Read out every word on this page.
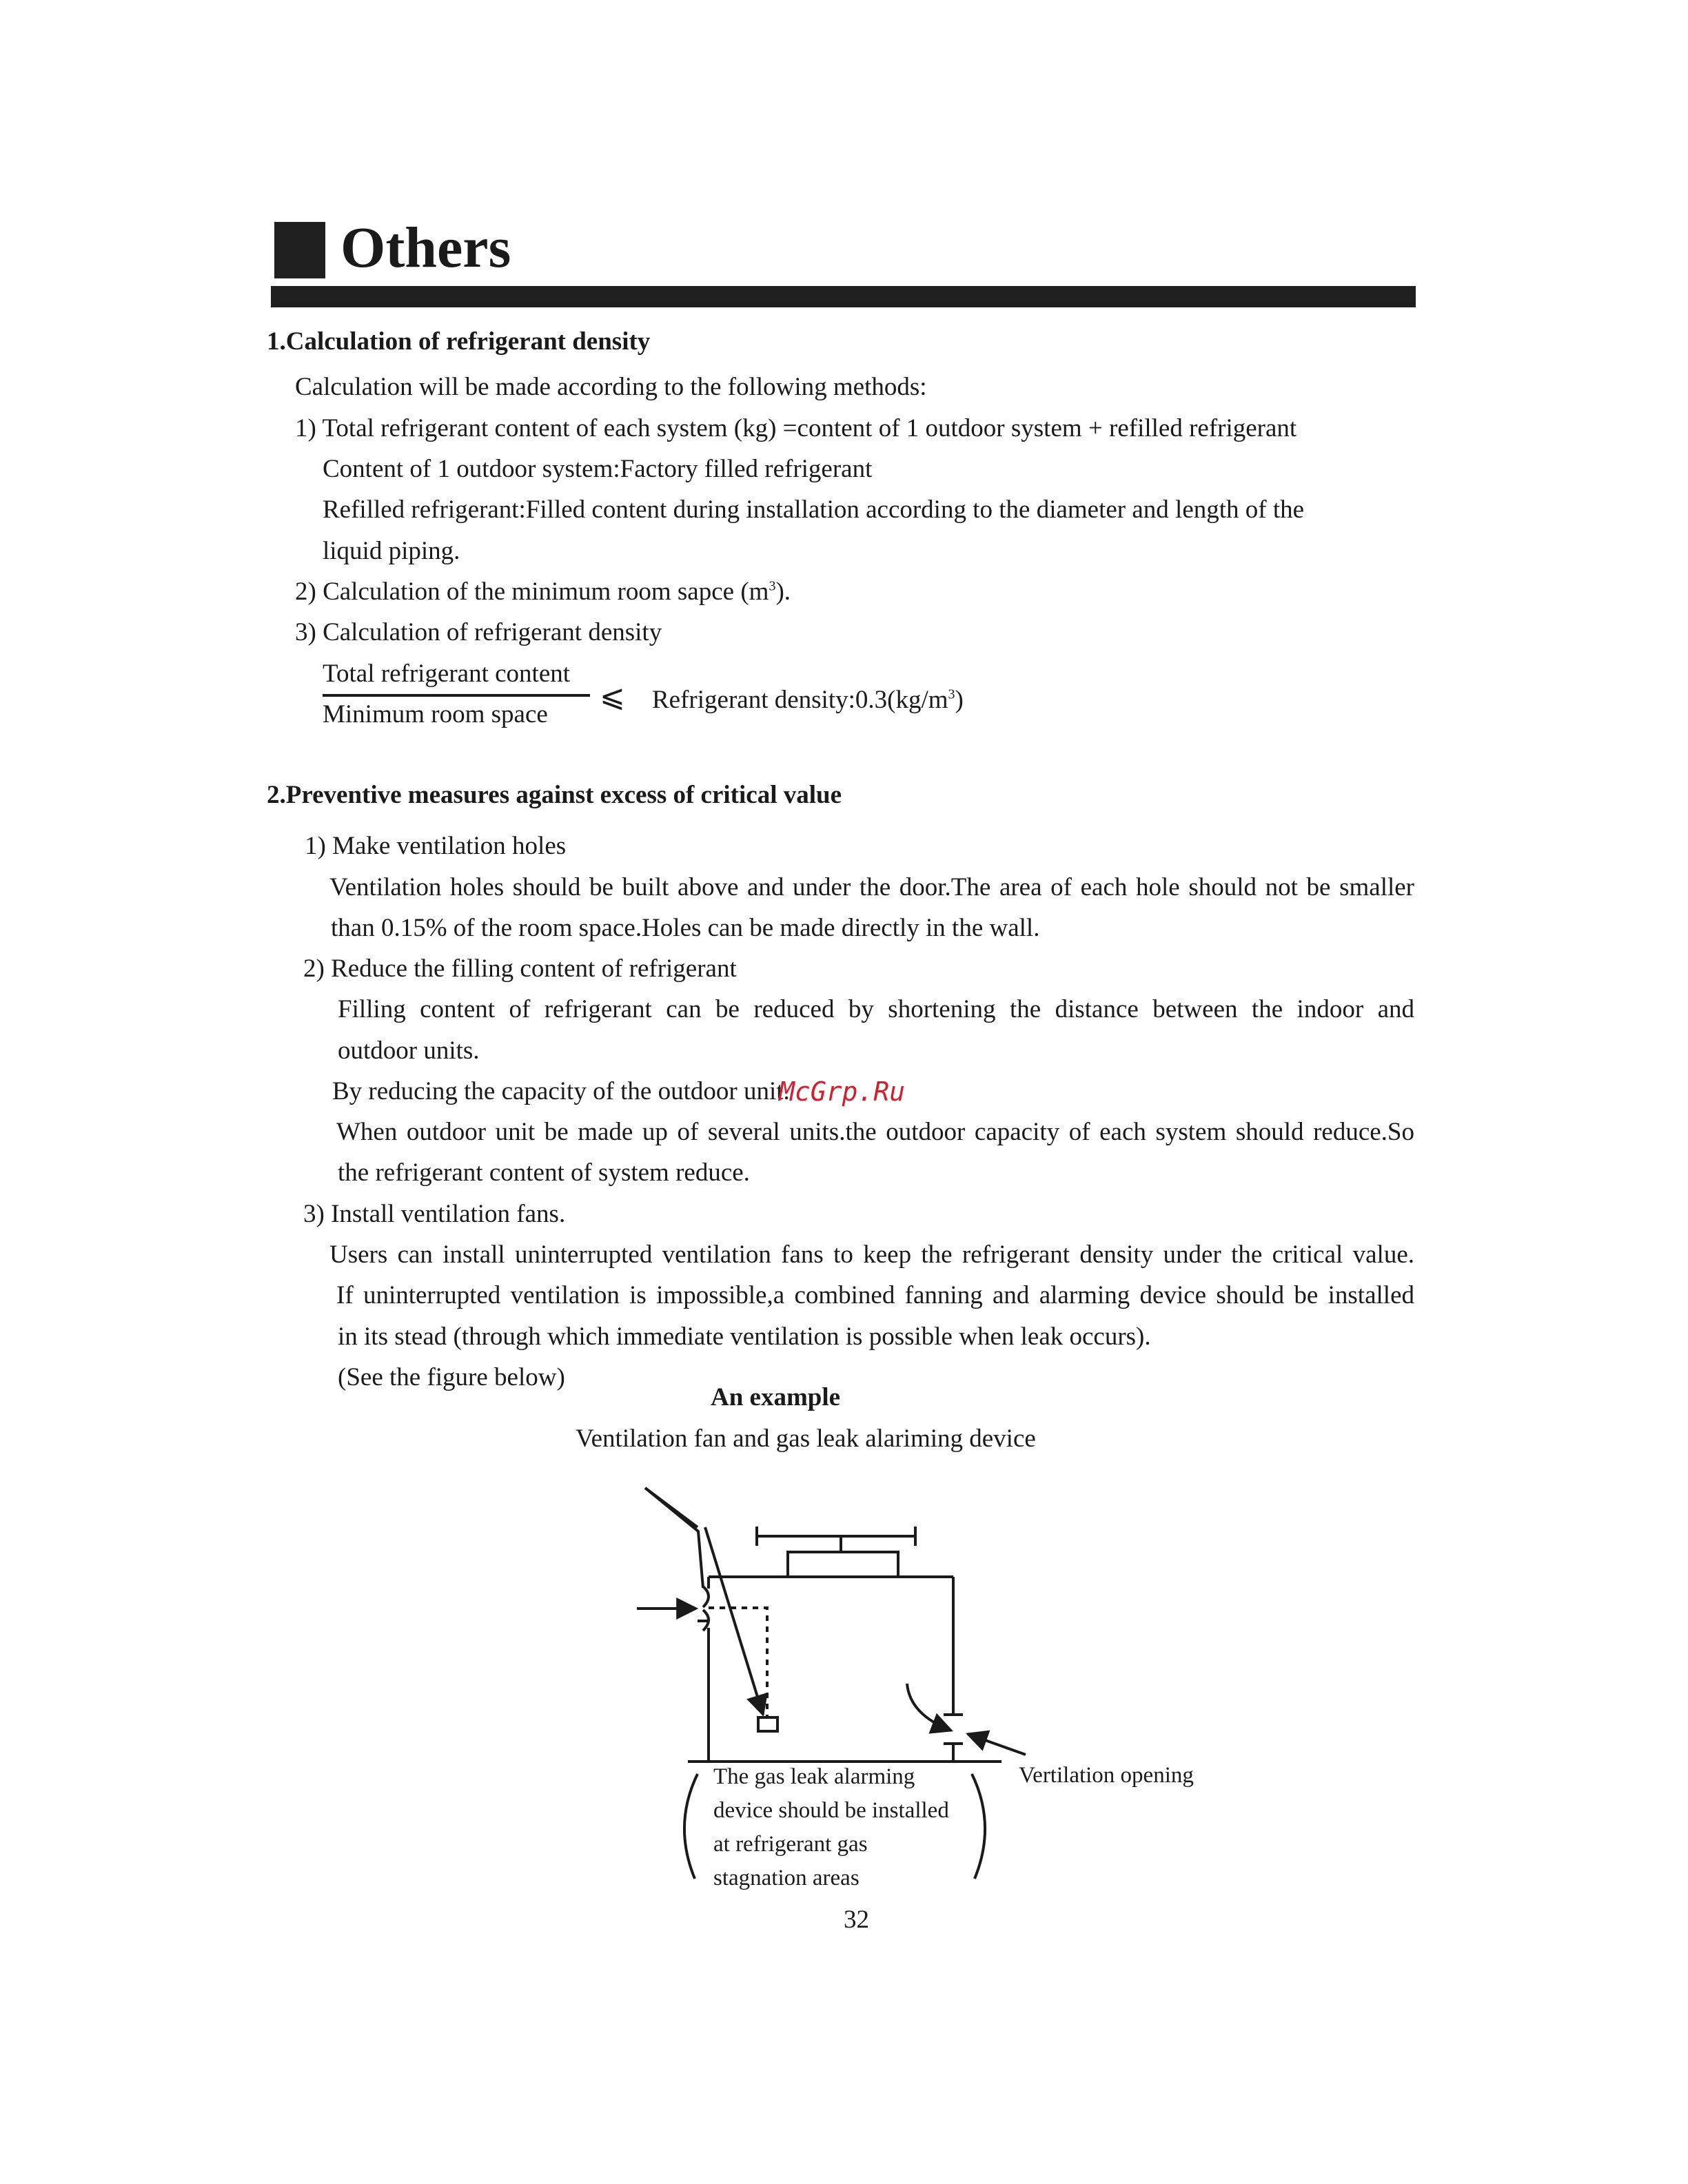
Others
1.Calculation of refrigerant density
Calculation will be made according to the following methods:
1) Total refrigerant content of each system (kg) =content of 1 outdoor system + refilled refrigerant
Content of 1 outdoor system:Factory filled refrigerant
Refilled refrigerant:Filled content during installation according to the diameter and length of the
liquid piping.
2) Calculation of the minimum room sapce $(m^3)$.
3) Calculation of refrigerant density
Total refrigerant content
Minimum room space
⩽ Refrigerant $density:0.3(kg/m^3)$
2.Preventive measures against excess of critical value
1) Make ventilation holes
Ventilation holes should be built above and under the door.The area of each hole should not be smaller
than 0.15% of the room space.Holes can be made directly in the wall.
2) Reduce the filling content of refrigerant
Filling content of refrigerant can be reduced by shortening the distance between the indoor and
outdoor units.
By reducing the capacity of the outdoor unit.
When outdoor unit be made up of several units.the outdoor capacity of each system should reduce.So
the refrigerant content of system reduce.
3) Install ventilation fans.
Users can install uninterrupted ventilation fans to keep the refrigerant density under the critical value.
If uninterrupted ventilation is impossible,a combined fanning and alarming device should be installed
in its stead (through which immediate ventilation is possible when leak occurs).
(See the figure below)
McGrp.Ru
An example
Ventilation fan and gas leak alariming device
Vertilation opening
The gas leak alarming
device should be installed
at refrigerant gas
stagnation areas
32
